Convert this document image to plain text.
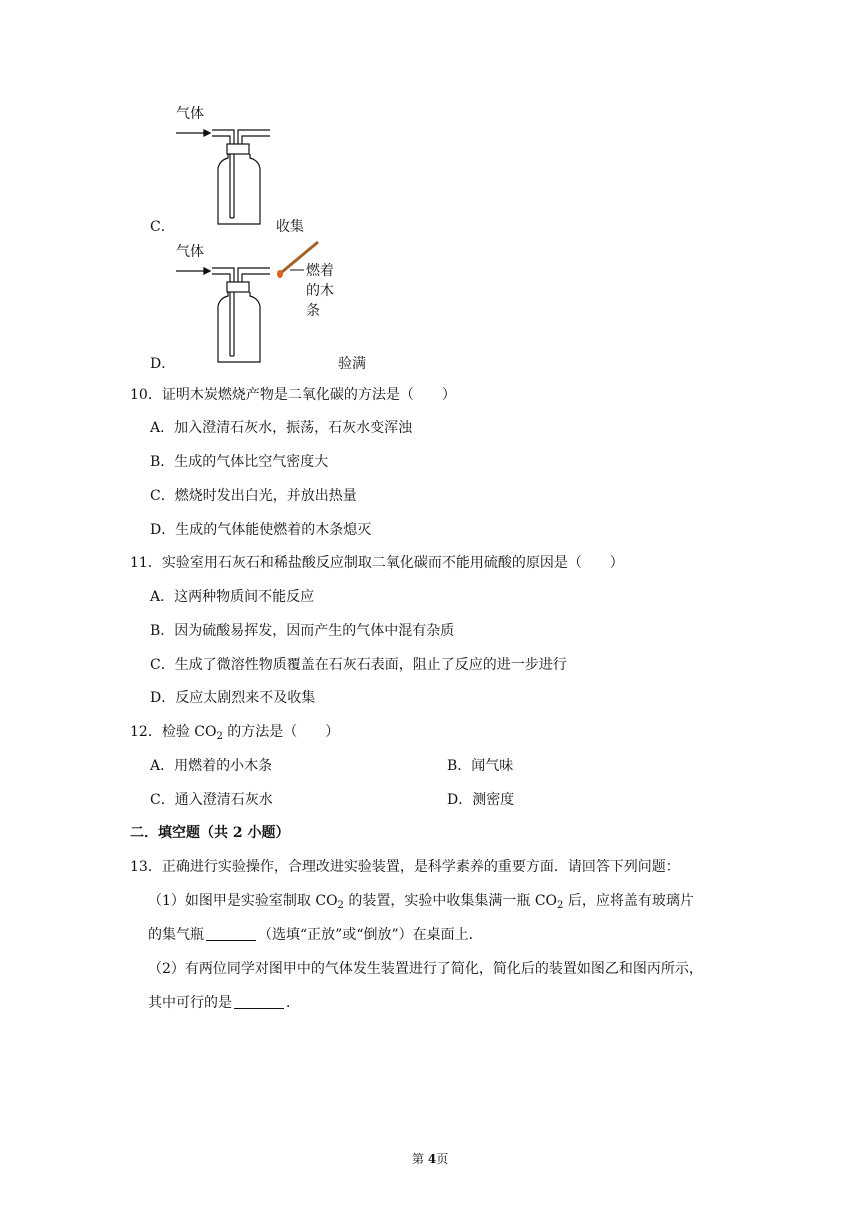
气体
C．	收集
气体
燃着
的木
条
D．	验满
10．证明木炭燃烧产物是二氧化碳的方法是（　　）
A．加入澄清石灰水，振荡，石灰水变浑浊
B．生成的气体比空气密度大
C．燃烧时发出白光，并放出热量
D．生成的气体能使燃着的木条熄灭
11．实验室用石灰石和稀盐酸反应制取二氧化碳而不能用硫酸的原因是（　　）
A．这两种物质间不能反应
B．因为硫酸易挥发，因而产生的气体中混有杂质
C．生成了微溶性物质覆盖在石灰石表面，阻止了反应的进一步进行
D．反应太剧烈来不及收集
12．检验 $CO_2$ 的方法是（　　）
A．用燃着的小木条	B．闻气味
C．通入澄清石灰水	D．测密度
二．填空题（共 2 小题）
13．正确进行实验操作，合理改进实验装置，是科学素养的重要方面．请回答下列问题：
（1）如图甲是实验室制取 $CO_2$ 的装置，实验中收集集满一瓶 $CO_2$ 后，应将盖有玻璃片
的集气瓶	（选填“正放”或“倒放”）在桌面上．
（2）有两位同学对图甲中的气体发生装置进行了简化，简化后的装置如图乙和图丙所示，
其中可行的是	．
第 4页
